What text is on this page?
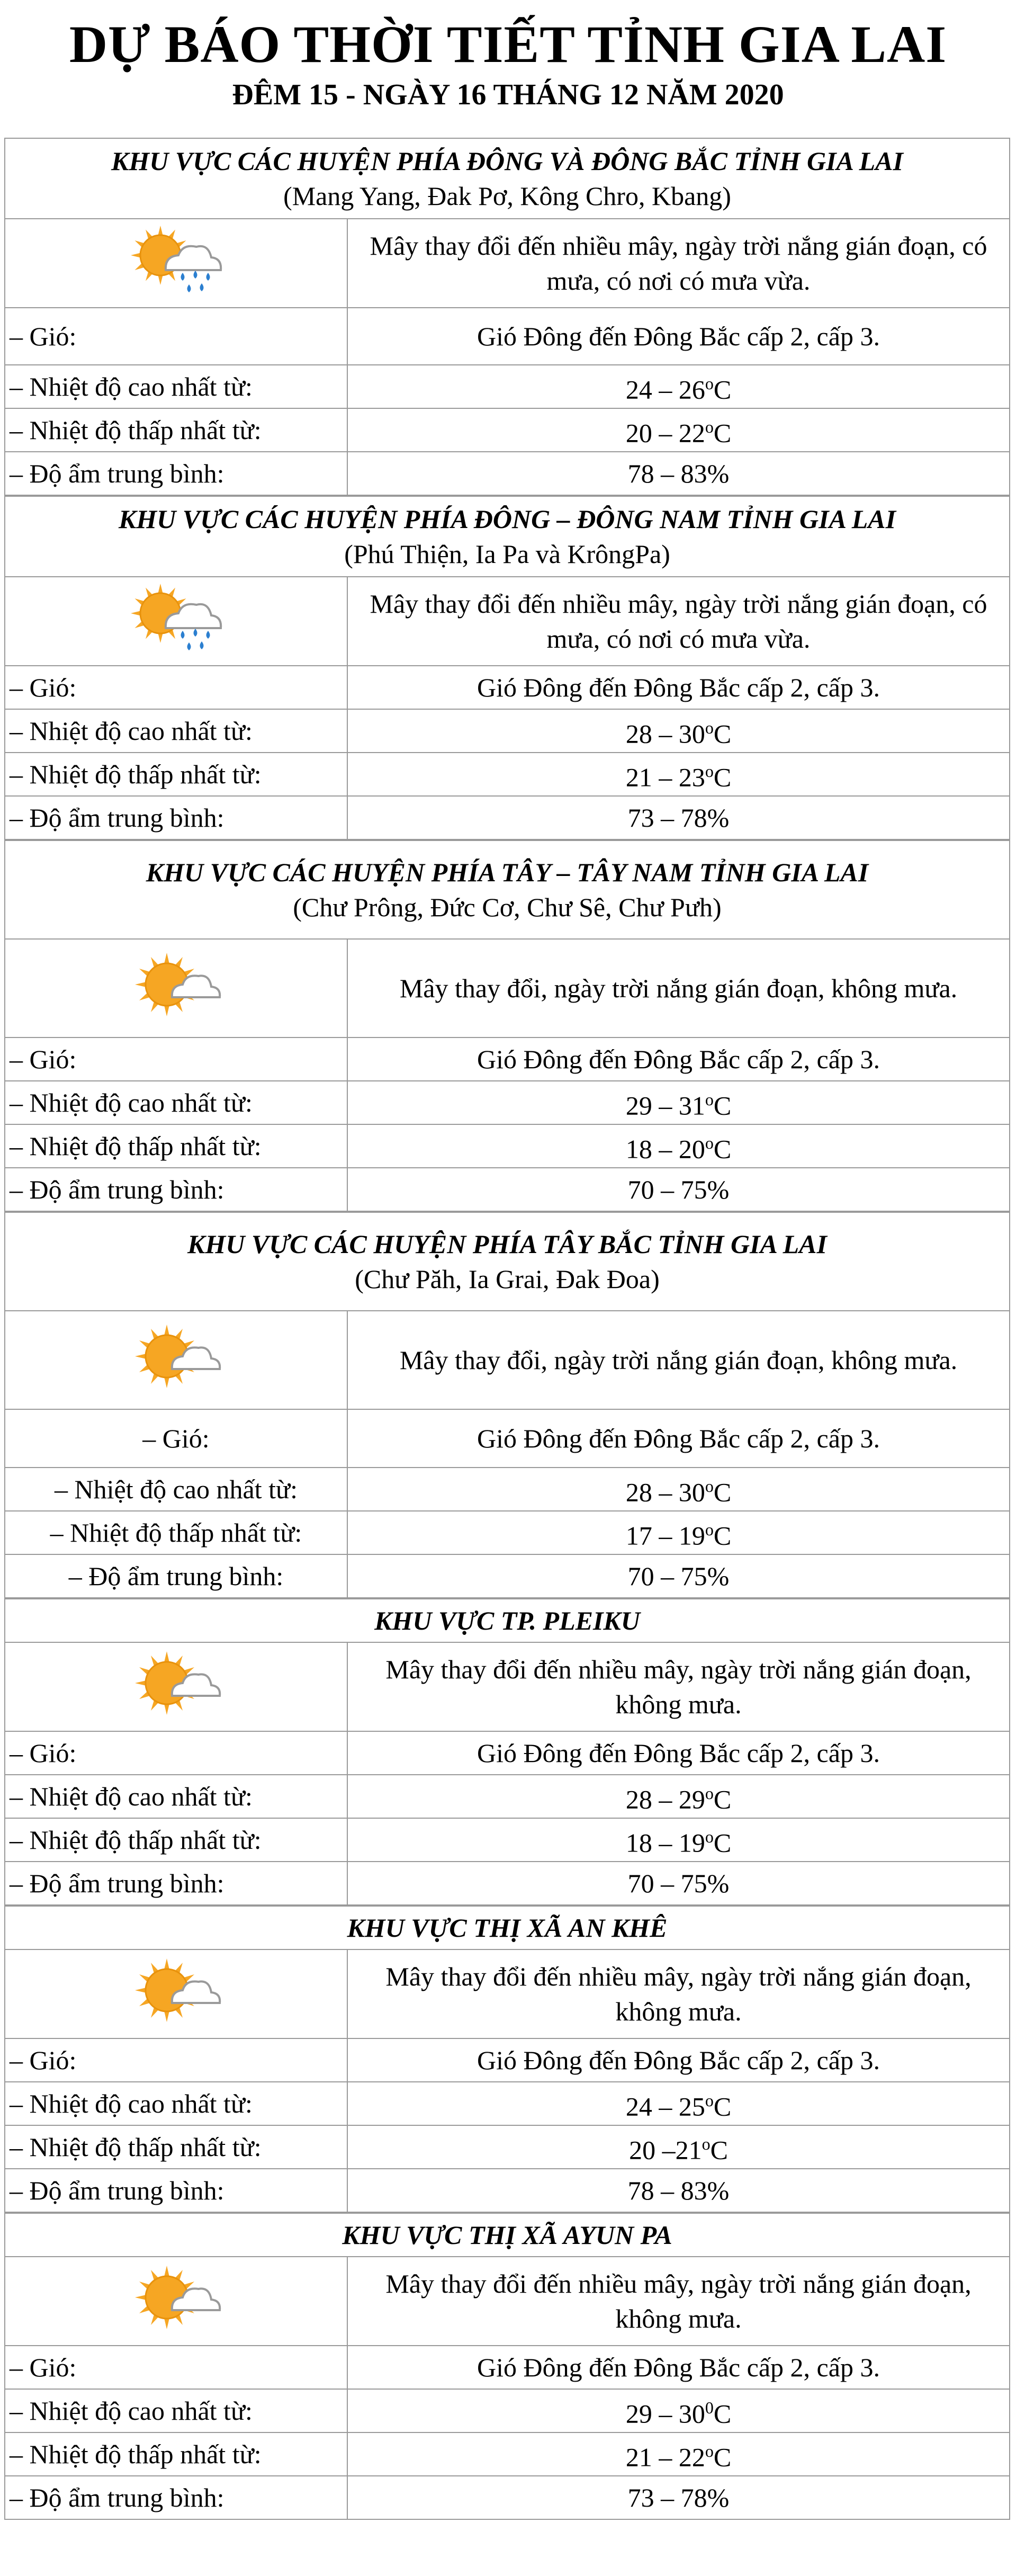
DỰ BÁO THỜI TIẾT TỈNH GIA LAI
ĐÊM 15 - NGÀY 16 THÁNG 12 NĂM 2020
KHU VỰC CÁC HUYỆN PHÍA ĐÔNG VÀ ĐÔNG BẮC TỈNH GIA LAI
(Mang Yang, Đak Pơ, Kông Chro, Kbang)	

	Mây thay đổi đến nhiều mây, ngày trời nắng gián đoạn, có mưa, có nơi có mưa vừa.
– Gió:	Gió Đông đến Đông Bắc cấp 2, cấp 3.
– Nhiệt độ cao nhất từ:	24 – 26$^o$C
– Nhiệt độ thấp nhất từ:	20 – 22$^o$C
– Độ ẩm trung bình:	78 – 83%
KHU VỰC CÁC HUYỆN PHÍA ĐÔNG – ĐÔNG NAM TỈNH GIA LAI
(Phú Thiện, Ia Pa và KrôngPa)	

	Mây thay đổi đến nhiều mây, ngày trời nắng gián đoạn, có mưa, có nơi có mưa vừa.
– Gió:	Gió Đông đến Đông Bắc cấp 2, cấp 3.
– Nhiệt độ cao nhất từ:	28 – 30$^o$C
– Nhiệt độ thấp nhất từ:	21 – 23$^o$C
– Độ ẩm trung bình:	73 – 78%
KHU VỰC CÁC HUYỆN PHÍA TÂY – TÂY NAM TỈNH GIA LAI
(Chư Prông, Đức Cơ, Chư Sê, Chư Pưh)	

	Mây thay đổi, ngày trời nắng gián đoạn, không mưa.
– Gió:	Gió Đông đến Đông Bắc cấp 2, cấp 3.
– Nhiệt độ cao nhất từ:	29 – 31$^o$C
– Nhiệt độ thấp nhất từ:	18 – 20$^o$C
– Độ ẩm trung bình:	70 – 75%
KHU VỰC CÁC HUYỆN PHÍA TÂY BẮC TỈNH GIA LAI
(Chư Păh, Ia Grai, Đak Đoa)	

	Mây thay đổi, ngày trời nắng gián đoạn, không mưa.
– Gió:	Gió Đông đến Đông Bắc cấp 2, cấp 3.
– Nhiệt độ cao nhất từ:	28 – 30$^o$C
– Nhiệt độ thấp nhất từ:	17 – 19$^o$C
– Độ ẩm trung bình:	70 – 75%
KHU VỰC TP. PLEIKU	

	Mây thay đổi đến nhiều mây, ngày trời nắng gián đoạn, không mưa.
– Gió:	Gió Đông đến Đông Bắc cấp 2, cấp 3.
– Nhiệt độ cao nhất từ:	28 – 29$^o$C
– Nhiệt độ thấp nhất từ:	18 – 19$^o$C
– Độ ẩm trung bình:	70 – 75%
KHU VỰC THỊ XÃ AN KHÊ	

	Mây thay đổi đến nhiều mây, ngày trời nắng gián đoạn, không mưa.
– Gió:	Gió Đông đến Đông Bắc cấp 2, cấp 3.
– Nhiệt độ cao nhất từ:	24 – 25$^o$C
– Nhiệt độ thấp nhất từ:	20 –21$^o$C
– Độ ẩm trung bình:	78 – 83%
KHU VỰC THỊ XÃ AYUN PA	

	Mây thay đổi đến nhiều mây, ngày trời nắng gián đoạn, không mưa.
– Gió:	Gió Đông đến Đông Bắc cấp 2, cấp 3.
– Nhiệt độ cao nhất từ:	$29 - 30^0C$
– Nhiệt độ thấp nhất từ:	21 – 22$^o$C
– Độ ẩm trung bình:	73 – 78%
